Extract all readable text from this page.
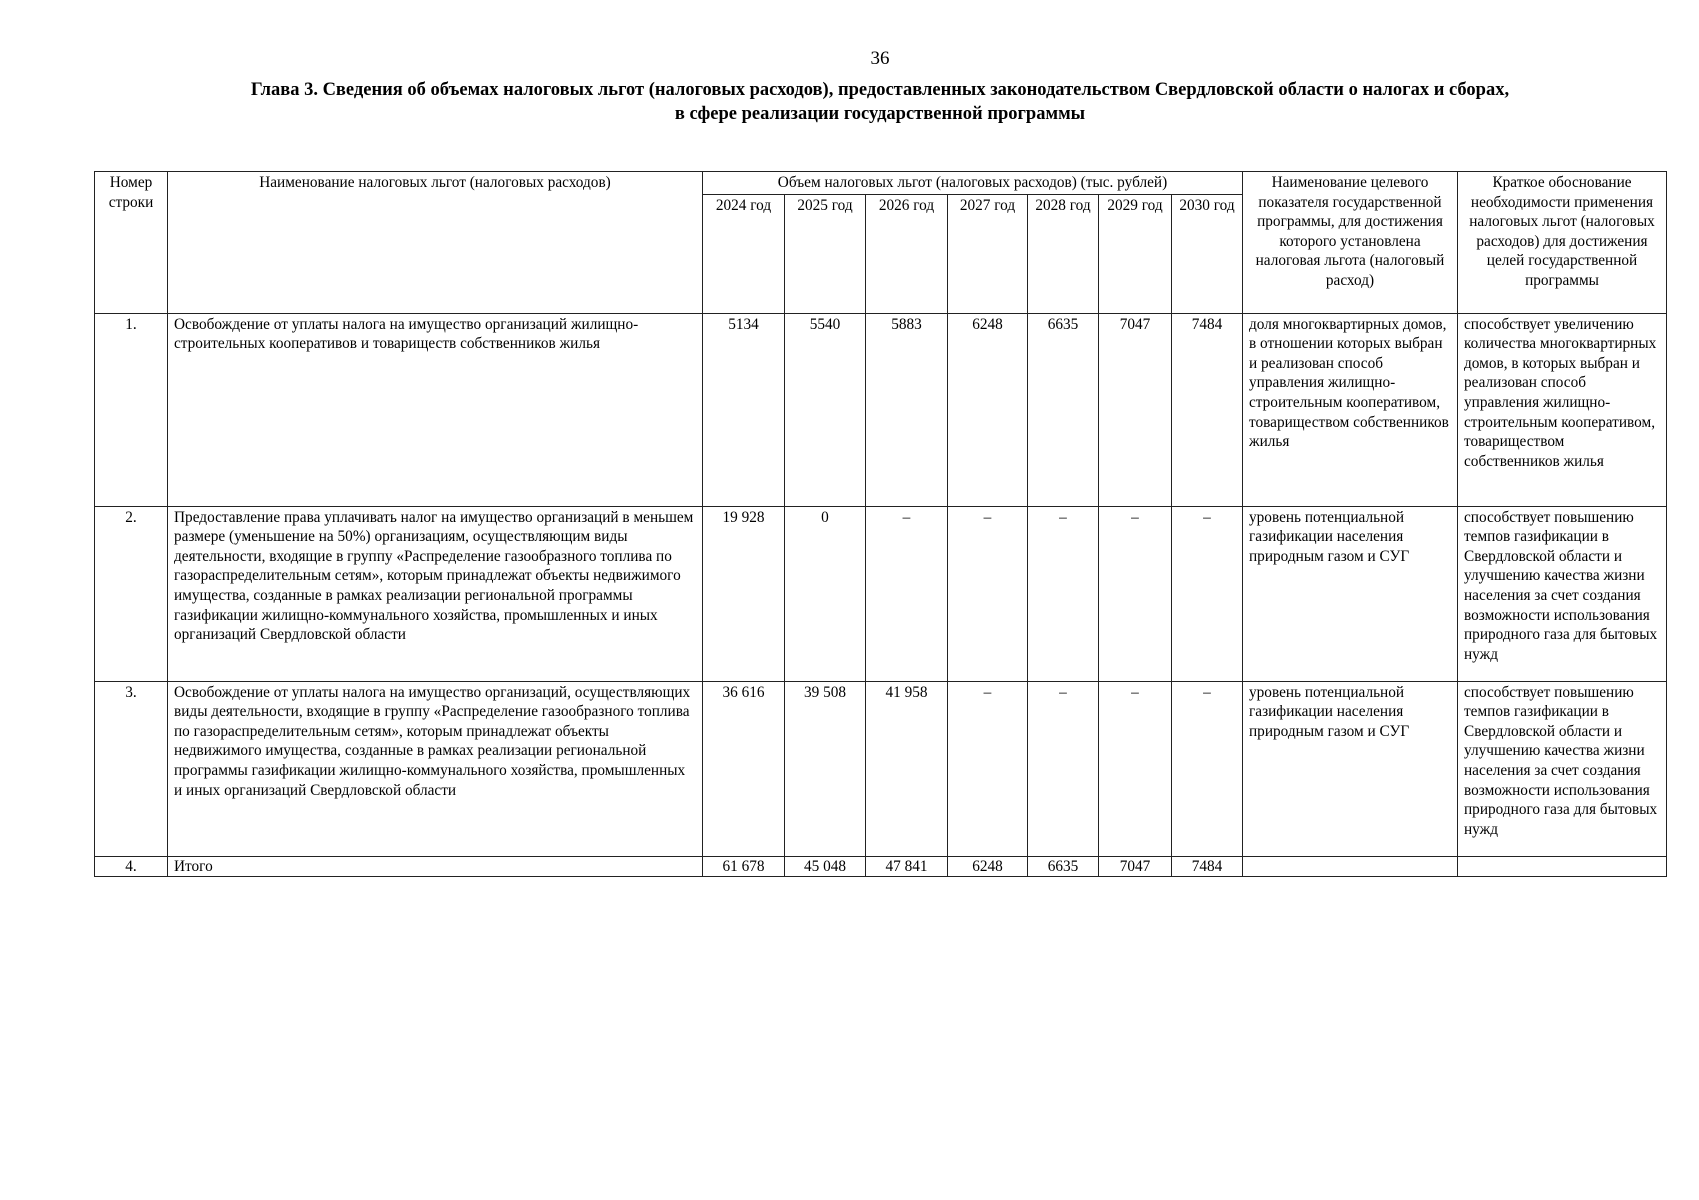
36
Глава 3. Сведения об объемах налоговых льгот (налоговых расходов), предоставленных законодательством Свердловской области о налогах и сборах,
в сфере реализации государственной программы
Номер строки	Наименование налоговых льгот (налоговых расходов)	Объем налоговых льгот (налоговых расходов) (тыс. рублей)							Наименование целевого показателя государственной программы, для достижения которого установлена налоговая льгота (налоговый расход)	Краткое обоснование необходимости применения налоговых льгот (налоговых расходов) для достижения целей государственной программы
		2024 год	2025 год	2026 год	2027 год	2028 год	2029 год	2030 год		
1.	Освобождение от уплаты налога на имущество организаций жилищно-строительных кооперативов и товариществ собственников жилья	5134	5540	5883	6248	6635	7047	7484	доля многоквартирных домов, в отношении которых выбран и реализован способ управления жилищно-строительным кооперативом, товариществом собственников жилья	способствует увеличению количества многоквартирных домов, в которых выбран и реализован способ управления жилищно-строительным кооперативом, товариществом собственников жилья
2.	Предоставление права уплачивать налог на имущество организаций в меньшем размере (уменьшение на 50%) организациям, осуществляющим виды деятельности, входящие в группу «Распределение газообразного топлива по газораспределительным сетям», которым принадлежат объекты недвижимого имущества, созданные в рамках реализации региональной программы газификации жилищно-коммунального хозяйства, промышленных и иных организаций Свердловской области	19 928	0	–	–	–	–	–	уровень потенциальной газификации населения природным газом и СУГ	способствует повышению темпов газификации в Свердловской области и улучшению качества жизни населения за счет создания возможности использования природного газа для бытовых нужд
3.	Освобождение от уплаты налога на имущество организаций, осуществляющих виды деятельности, входящие в группу «Распределение газообразного топлива по газораспределительным сетям», которым принадлежат объекты недвижимого имущества, созданные в рамках реализации региональной программы газификации жилищно-коммунального хозяйства, промышленных и иных организаций Свердловской области	36 616	39 508	41 958	–	–	–	–	уровень потенциальной газификации населения природным газом и СУГ	способствует повышению темпов газификации в Свердловской области и улучшению качества жизни населения за счет создания возможности использования природного газа для бытовых нужд
4.	Итого	61 678	45 048	47 841	6248	6635	7047	7484		
